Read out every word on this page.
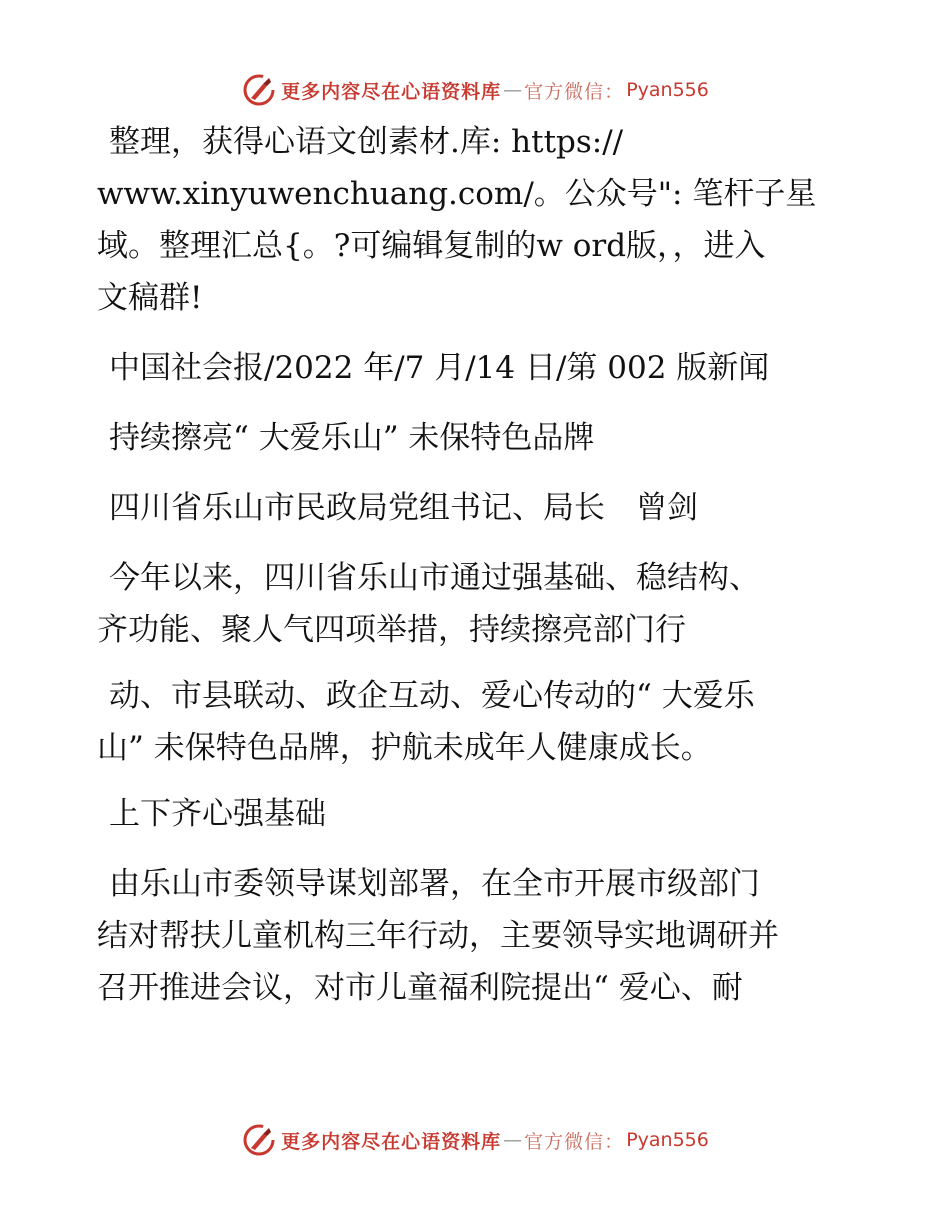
更多内容尽在心语资料库 — 官方微信： Pyan556

整理，获得心语文创素材.库: https://

www.xinyuwenchuang.com/。公众号": 笔杆子星

域。整理汇总{。?可编辑复制的w ord版，，进入

文稿群!

中国社会报/2022 年/7 月/14 日/第 002 版新闻

持续擦亮“ 大爱乐山” 未保特色品牌

四川省乐山市民政局党组书记、局长　曾剑

今年以来，四川省乐山市通过强基础、稳结构、

齐功能、聚人气四项举措，持续擦亮部门行

动、市县联动、政企互动、爱心传动的“ 大爱乐

山” 未保特色品牌，护航未成年人健康成长。

上下齐心强基础

由乐山市委领导谋划部署，在全市开展市级部门

结对帮扶儿童机构三年行动，主要领导实地调研并

召开推进会议，对市儿童福利院提出“ 爱心、耐

更多内容尽在心语资料库 — 官方微信： Pyan556
